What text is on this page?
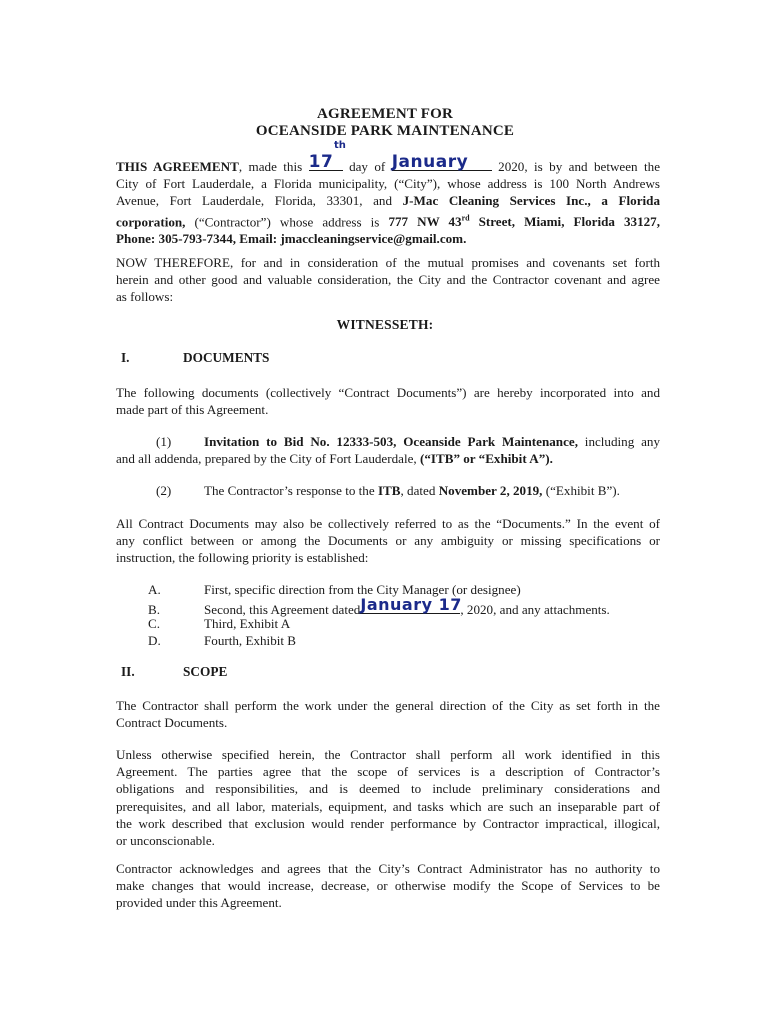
AGREEMENT FOR
OCEANSIDE PARK MAINTENANCE
th
THIS AGREEMENT, made this 17	day of January	2020, is by and between the
City of Fort Lauderdale, a Florida municipality, (“City”), whose address is 100 North Andrews
Avenue, Fort Lauderdale, Florida, 33301, and J-Mac Cleaning Services Inc., a Florida
corporation, (“Contractor”) whose address is 777 NW 43rd Street, Miami, Florida 33127,
Phone: 305-793-7344, Email: jmaccleaningservice@gmail.com.
NOW THEREFORE, for and in consideration of the mutual promises and covenants set forth
herein and other good and valuable consideration, the City and the Contractor covenant and agree
as follows:
WITNESSETH:
I.	DOCUMENTS
The following documents (collectively “Contract Documents”) are hereby incorporated into and
made part of this Agreement.
(1) Invitation to Bid No. 12333-503, Oceanside Park Maintenance, including any
and all addenda, prepared by the City of Fort Lauderdale, (“ITB” or “Exhibit A”).
(2) The Contractor’s response to the ITB, dated November 2, 2019, (“Exhibit B”).
All Contract Documents may also be collectively referred to as the “Documents.” In the event of
any conflict between or among the Documents or any ambiguity or missing specifications or
instruction, the following priority is established:
A.	First, specific direction from the City Manager (or designee)
B.	Second, this Agreement dated January 17
, 2020, and any attachments.
C.	Third, Exhibit A
D.	Fourth, Exhibit B
II.	SCOPE
The Contractor shall perform the work under the general direction of the City as set forth in the
Contract Documents.
Unless otherwise specified herein, the Contractor shall perform all work identified in this
Agreement. The parties agree that the scope of services is a description of Contractor’s
obligations and responsibilities, and is deemed to include preliminary considerations and
prerequisites, and all labor, materials, equipment, and tasks which are such an inseparable part of
the work described that exclusion would render performance by Contractor impractical, illogical,
or unconscionable.
Contractor acknowledges and agrees that the City’s Contract Administrator has no authority to
make changes that would increase, decrease, or otherwise modify the Scope of Services to be
provided under this Agreement.
